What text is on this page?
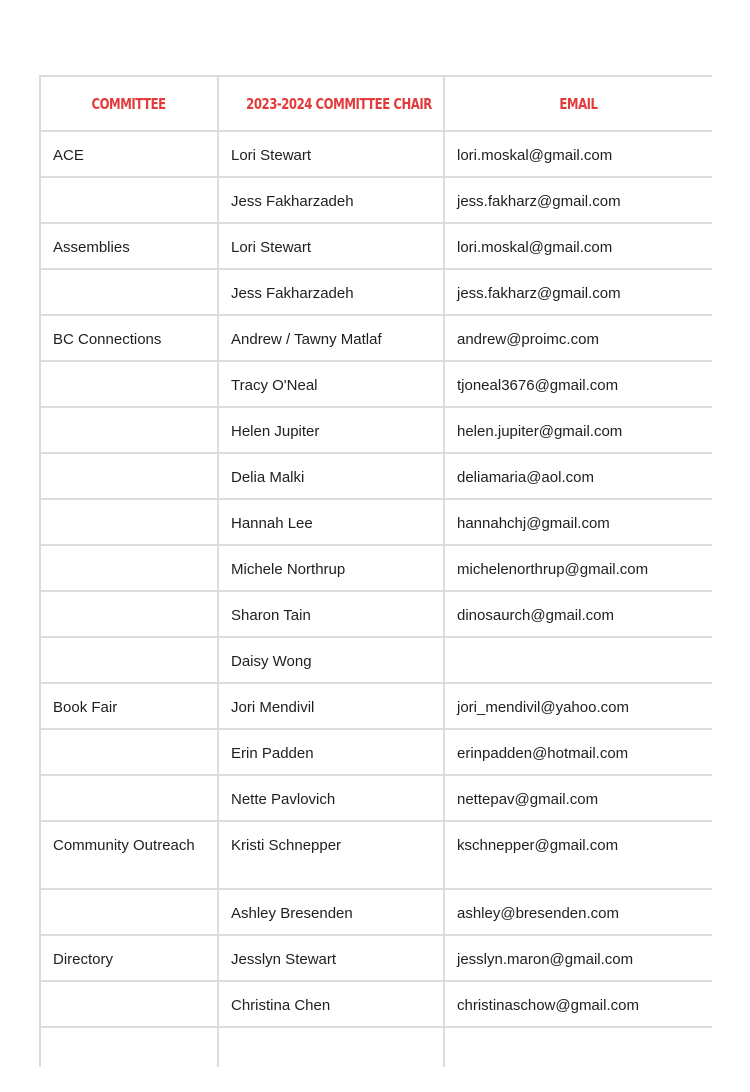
COMMITTEE	2023-2024 COMMITTEE CHAIR	EMAIL
ACE	Lori Stewart	lori.moskal@gmail.com
	Jess Fakharzadeh	jess.fakharz@gmail.com
Assemblies	Lori Stewart	lori.moskal@gmail.com
	Jess Fakharzadeh	jess.fakharz@gmail.com
BC Connections	Andrew / Tawny Matlaf	andrew@proimc.com
	Tracy O'Neal	tjoneal3676@gmail.com
	Helen Jupiter	helen.jupiter@gmail.com
	Delia Malki	deliamaria@aol.com
	Hannah Lee	hannahchj@gmail.com
	Michele Northrup	michelenorthrup@gmail.com
	Sharon Tain	dinosaurch@gmail.com
	Daisy Wong	
Book Fair	Jori Mendivil	jori_mendivil@yahoo.com
	Erin Padden	erinpadden@hotmail.com
	Nette Pavlovich	nettepav@gmail.com
Community Outreach	Kristi Schnepper	kschnepper@gmail.com
	Ashley Bresenden	ashley@bresenden.com
Directory	Jesslyn Stewart	jesslyn.maron@gmail.com
	Christina Chen	christinaschow@gmail.com
